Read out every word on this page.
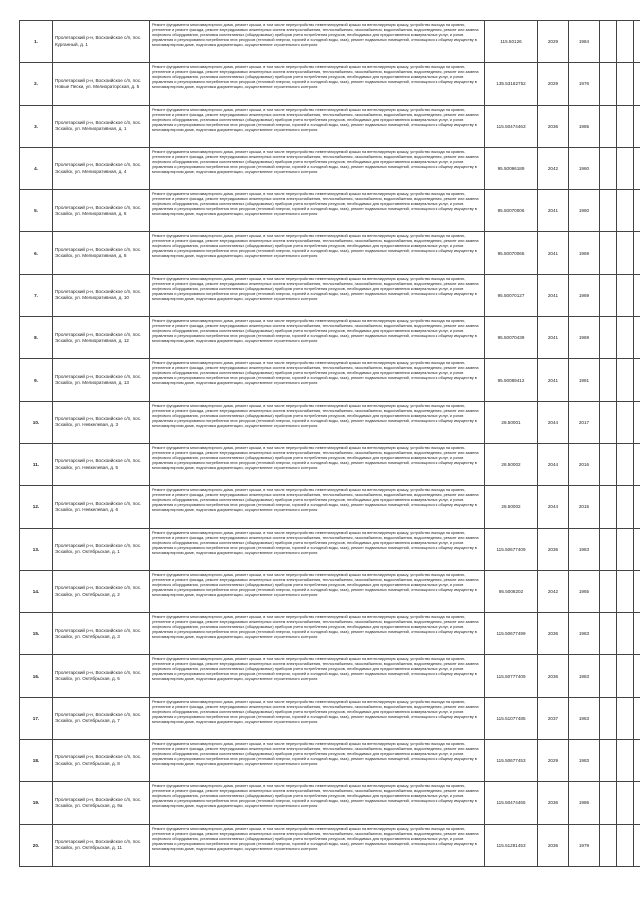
1.	Пролетарский р-н, Восхоийское с/п, пос. Курганный, д. 1	Ремонт фундамента многоквартирного дома, ремонт крыши, в том числе переустройство невентилируемой крыши на вентилируемую крышу, устройство выхода на кровлю, утепление и ремонт фасада, ремонт внутридомовых инженерных систем электроснабжения, теплоснабжения, газоснабжения, водоснабжения, водоотведения, ремонт или замена лифтового оборудования, установка коллективных (общедомовых) приборов учета потребления ресурсов, необходимых для предоставления коммунальных услуг, и узлов управления и регулирования потребления этих ресурсов (тепловой энергии, горячей и холодной воды, газа), ремонт подвальных помещений, относящихся к общему имуществу в многоквартирном доме, подготовка документации, осуществление строительного контроля	115.50126	2029	1984			
2.	Пролетарский р-н, Восхоийское с/п, пос. Новые Пески, ул. Мелиораторская, д. 5	Ремонт фундамента многоквартирного дома, ремонт крыши, в том числе переустройство невентилируемой крыши на вентилируемую крышу, устройство выхода на кровлю, утепление и ремонт фасада, ремонт внутридомовых инженерных систем электроснабжения, теплоснабжения, газоснабжения, водоснабжения, водоотведения, ремонт или замена лифтового оборудования, установка коллективных (общедомовых) приборов учета потребления ресурсов, необходимых для предоставления коммунальных услуг, и узлов управления и регулирования потребления этих ресурсов (тепловой энергии, горячей и холодной воды, газа), ремонт подвальных помещений, относящихся к общему имуществу в многоквартирном доме, подготовка документации, осуществление строительного контроля	135.53162752	2029	1976			
3.	Пролетарский р-н, Восхоийское с/п, пос. Эсхайск, ул. Мелиоративная, д. 1	Ремонт фундамента многоквартирного дома, ремонт крыши, в том числе переустройство невентилируемой крыши на вентилируемую крышу, устройство выхода на кровлю, утепление и ремонт фасада, ремонт внутридомовых инженерных систем электроснабжения, теплоснабжения, газоснабжения, водоснабжения, водоотведения, ремонт или замена лифтового оборудования, установка коллективных (общедомовых) приборов учета потребления ресурсов, необходимых для предоставления коммунальных услуг, и узлов управления и регулирования потребления этих ресурсов (тепловой энергии, горячей и холодной воды, газа), ремонт подвальных помещений, относящихся к общему имуществу в многоквартирном доме, подготовка документации, осуществление строительного контроля	115.50474463	2036	1985			
4.	Пролетарский р-н, Восхоийское с/п, пос. Эсхайск, ул. Мелиоративная, д. 4	Ремонт фундамента многоквартирного дома, ремонт крыши, в том числе переустройство невентилируемой крыши на вентилируемую крышу, устройство выхода на кровлю, утепление и ремонт фасада, ремонт внутридомовых инженерных систем электроснабжения, теплоснабжения, газоснабжения, водоснабжения, водоотведения, ремонт или замена лифтового оборудования, установка коллективных (общедомовых) приборов учета потребления ресурсов, необходимых для предоставления коммунальных услуг, и узлов управления и регулирования потребления этих ресурсов (тепловой энергии, горячей и холодной воды, газа), ремонт подвальных помещений, относящихся к общему имуществу в многоквартирном доме, подготовка документации, осуществление строительного контроля	95.50096189	2042	1960			
5.	Пролетарский р-н, Восхоийское с/п, пос. Эсхайск, ул. Мелиоративная, д. 6	Ремонт фундамента многоквартирного дома, ремонт крыши, в том числе переустройство невентилируемой крыши на вентилируемую крышу, устройство выхода на кровлю, утепление и ремонт фасада, ремонт внутридомовых инженерных систем электроснабжения, теплоснабжения, газоснабжения, водоснабжения, водоотведения, ремонт или замена лифтового оборудования, установка коллективных (общедомовых) приборов учета потребления ресурсов, необходимых для предоставления коммунальных услуг, и узлов управления и регулирования потребления этих ресурсов (тепловой энергии, горячей и холодной воды, газа), ремонт подвальных помещений, относящихся к общему имуществу в многоквартирном доме, подготовка документации, осуществление строительного контроля	95.50070006	2041	1960			
6.	Пролетарский р-н, Восхоийское с/п, пос. Эсхайск, ул. Мелиоративная, д. 8	Ремонт фундамента многоквартирного дома, ремонт крыши, в том числе переустройство невентилируемой крыши на вентилируемую крышу, устройство выхода на кровлю, утепление и ремонт фасада, ремонт внутридомовых инженерных систем электроснабжения, теплоснабжения, газоснабжения, водоснабжения, водоотведения, ремонт или замена лифтового оборудования, установка коллективных (общедомовых) приборов учета потребления ресурсов, необходимых для предоставления коммунальных услуг, и узлов управления и регулирования потребления этих ресурсов (тепловой энергии, горячей и холодной воды, газа), ремонт подвальных помещений, относящихся к общему имуществу в многоквартирном доме, подготовка документации, осуществление строительного контроля	95.50070065	2041	1969			
7.	Пролетарский р-н, Восхоийское с/п, пос. Эсхайск, ул. Мелиоративная, д. 10	Ремонт фундамента многоквартирного дома, ремонт крыши, в том числе переустройство невентилируемой крыши на вентилируемую крышу, устройство выхода на кровлю, утепление и ремонт фасада, ремонт внутридомовых инженерных систем электроснабжения, теплоснабжения, газоснабжения, водоснабжения, водоотведения, ремонт или замена лифтового оборудования, установка коллективных (общедомовых) приборов учета потребления ресурсов, необходимых для предоставления коммунальных услуг, и узлов управления и регулирования потребления этих ресурсов (тепловой энергии, горячей и холодной воды, газа), ремонт подвальных помещений, относящихся к общему имуществу в многоквартирном доме, подготовка документации, осуществление строительного контроля	95.50070127	2041	1969			
8.	Пролетарский р-н, Восхоийское с/п, пос. Эсхайск, ул. Мелиоративная, д. 12	Ремонт фундамента многоквартирного дома, ремонт крыши, в том числе переустройство невентилируемой крыши на вентилируемую крышу, устройство выхода на кровлю, утепление и ремонт фасада, ремонт внутридомовых инженерных систем электроснабжения, теплоснабжения, газоснабжения, водоснабжения, водоотведения, ремонт или замена лифтового оборудования, установка коллективных (общедомовых) приборов учета потребления ресурсов, необходимых для предоставления коммунальных услуг, и узлов управления и регулирования потребления этих ресурсов (тепловой энергии, горячей и холодной воды, газа), ремонт подвальных помещений, относящихся к общему имуществу в многоквартирном доме, подготовка документации, осуществление строительного контроля	95.50070439	2041	1969			
9.	Пролетарский р-н, Восхоийское с/п, пос. Эсхайск, ул. Мелиоративная, д. 13	Ремонт фундамента многоквартирного дома, ремонт крыши, в том числе переустройство невентилируемой крыши на вентилируемую крышу, устройство выхода на кровлю, утепление и ремонт фасада, ремонт внутридомовых инженерных систем электроснабжения, теплоснабжения, газоснабжения, водоснабжения, водоотведения, ремонт или замена лифтового оборудования, установка коллективных (общедомовых) приборов учета потребления ресурсов, необходимых для предоставления коммунальных услуг, и узлов управления и регулирования потребления этих ресурсов (тепловой энергии, горячей и холодной воды, газа), ремонт подвальных помещений, относящихся к общему имуществу в многоквартирном доме, подготовка документации, осуществление строительного контроля	95.50089412	2041	1981			
10.	Пролетарский р-н, Восхоийское с/п, пос. Эсхайск, ул. Невкелевая, д. 3	Ремонт фундамента многоквартирного дома, ремонт крыши, в том числе переустройство невентилируемой крыши на вентилируемую крышу, устройство выхода на кровлю, утепление и ремонт фасада, ремонт внутридомовых инженерных систем электроснабжения, теплоснабжения, газоснабжения, водоснабжения, водоотведения, ремонт или замена лифтового оборудования, установка коллективных (общедомовых) приборов учета потребления ресурсов, необходимых для предоставления коммунальных услуг, и узлов управления и регулирования потребления этих ресурсов (тепловой энергии, горячей и холодной воды, газа), ремонт подвальных помещений, относящихся к общему имуществу в многоквартирном доме, подготовка документации, осуществление строительного контроля	28.50001	2044	2017			
11.	Пролетарский р-н, Восхоийское с/п, пос. Эсхайск, ул. Невкелевая, д. 5	Ремонт фундамента многоквартирного дома, ремонт крыши, в том числе переустройство невентилируемой крыши на вентилируемую крышу, устройство выхода на кровлю, утепление и ремонт фасада, ремонт внутридомовых инженерных систем электроснабжения, теплоснабжения, газоснабжения, водоснабжения, водоотведения, ремонт или замена лифтового оборудования, установка коллективных (общедомовых) приборов учета потребления ресурсов, необходимых для предоставления коммунальных услуг, и узлов управления и регулирования потребления этих ресурсов (тепловой энергии, горячей и холодной воды, газа), ремонт подвальных помещений, относящихся к общему имуществу в многоквартирном доме, подготовка документации, осуществление строительного контроля	28.50002	2044	2016			
12.	Пролетарский р-н, Восхоийское с/п, пос. Эсхайск, ул. Невкелевая, д. 6	Ремонт фундамента многоквартирного дома, ремонт крыши, в том числе переустройство невентилируемой крыши на вентилируемую крышу, устройство выхода на кровлю, утепление и ремонт фасада, ремонт внутридомовых инженерных систем электроснабжения, теплоснабжения, газоснабжения, водоснабжения, водоотведения, ремонт или замена лифтового оборудования, установка коллективных (общедомовых) приборов учета потребления ресурсов, необходимых для предоставления коммунальных услуг, и узлов управления и регулирования потребления этих ресурсов (тепловой энергии, горячей и холодной воды, газа), ремонт подвальных помещений, относящихся к общему имуществу в многоквартирном доме, подготовка документации, осуществление строительного контроля	28.50002	2044	2015			
13.	Пролетарский р-н, Восхоийское с/п, пос. Эсхайск, ул. Октябрьская, д. 1	Ремонт фундамента многоквартирного дома, ремонт крыши, в том числе переустройство невентилируемой крыши на вентилируемую крышу, устройство выхода на кровлю, утепление и ремонт фасада, ремонт внутридомовых инженерных систем электроснабжения, теплоснабжения, газоснабжения, водоснабжения, водоотведения, ремонт или замена лифтового оборудования, установка коллективных (общедомовых) приборов учета потребления ресурсов, необходимых для предоставления коммунальных услуг, и узлов управления и регулирования потребления этих ресурсов (тепловой энергии, горячей и холодной воды, газа), ремонт подвальных помещений, относящихся к общему имуществу в многоквартирном доме, подготовка документации, осуществление строительного контроля	115.50677409	2036	1983			
14.	Пролетарский р-н, Восхоийское с/п, пос. Эсхайск, ул. Октябрьская, д. 2	Ремонт фундамента многоквартирного дома, ремонт крыши, в том числе переустройство невентилируемой крыши на вентилируемую крышу, устройство выхода на кровлю, утепление и ремонт фасада, ремонт внутридомовых инженерных систем электроснабжения, теплоснабжения, газоснабжения, водоснабжения, водоотведения, ремонт или замена лифтового оборудования, установка коллективных (общедомовых) приборов учета потребления ресурсов, необходимых для предоставления коммунальных услуг, и узлов управления и регулирования потребления этих ресурсов (тепловой энергии, горячей и холодной воды, газа), ремонт подвальных помещений, относящихся к общему имуществу в многоквартирном доме, подготовка документации, осуществление строительного контроля	95.5008202	2042	1965			
15.	Пролетарский р-н, Восхоийское с/п, пос. Эсхайск, ул. Октябрьская, д. 3	Ремонт фундамента многоквартирного дома, ремонт крыши, в том числе переустройство невентилируемой крыши на вентилируемую крышу, устройство выхода на кровлю, утепление и ремонт фасада, ремонт внутридомовых инженерных систем электроснабжения, теплоснабжения, газоснабжения, водоснабжения, водоотведения, ремонт или замена лифтового оборудования, установка коллективных (общедомовых) приборов учета потребления ресурсов, необходимых для предоставления коммунальных услуг, и узлов управления и регулирования потребления этих ресурсов (тепловой энергии, горячей и холодной воды, газа), ремонт подвальных помещений, относящихся к общему имуществу в многоквартирном доме, подготовка документации, осуществление строительного контроля	115.50677499	2036	1983			
16.	Пролетарский р-н, Восхоийское с/п, пос. Эсхайск, ул. Октябрьская, д. 5	Ремонт фундамента многоквартирного дома, ремонт крыши, в том числе переустройство невентилируемой крыши на вентилируемую крышу, устройство выхода на кровлю, утепление и ремонт фасада, ремонт внутридомовых инженерных систем электроснабжения, теплоснабжения, газоснабжения, водоснабжения, водоотведения, ремонт или замена лифтового оборудования, установка коллективных (общедомовых) приборов учета потребления ресурсов, необходимых для предоставления коммунальных услуг, и узлов управления и регулирования потребления этих ресурсов (тепловой энергии, горячей и холодной воды, газа), ремонт подвальных помещений, относящихся к общему имуществу в многоквартирном доме, подготовка документации, осуществление строительного контроля	115.50777409	2036	1983			
17.	Пролетарский р-н, Восхоийское с/п, пос. Эсхайск, ул. Октябрьская, д. 7	Ремонт фундамента многоквартирного дома, ремонт крыши, в том числе переустройство невентилируемой крыши на вентилируемую крышу, устройство выхода на кровлю, утепление и ремонт фасада, ремонт внутридомовых инженерных систем электроснабжения, теплоснабжения, газоснабжения, водоснабжения, водоотведения, ремонт или замена лифтового оборудования, установка коллективных (общедомовых) приборов учета потребления ресурсов, необходимых для предоставления коммунальных услуг, и узлов управления и регулирования потребления этих ресурсов (тепловой энергии, горячей и холодной воды, газа), ремонт подвальных помещений, относящихся к общему имуществу в многоквартирном доме, подготовка документации, осуществление строительного контроля	115.51077485	2037	1983			
18.	Пролетарский р-н, Восхоийское с/п, пос. Эсхайск, ул. Октябрьская, д. 8	Ремонт фундамента многоквартирного дома, ремонт крыши, в том числе переустройство невентилируемой крыши на вентилируемую крышу, устройство выхода на кровлю, утепление и ремонт фасада, ремонт внутридомовых инженерных систем электроснабжения, теплоснабжения, газоснабжения, водоснабжения, водоотведения, ремонт или замена лифтового оборудования, установка коллективных (общедомовых) приборов учета потребления ресурсов, необходимых для предоставления коммунальных услуг, и узлов управления и регулирования потребления этих ресурсов (тепловой энергии, горячей и холодной воды, газа), ремонт подвальных помещений, относящихся к общему имуществу в многоквартирном доме, подготовка документации, осуществление строительного контроля	115.50677453	2029	1983			
19.	Пролетарский р-н, Восхоийское с/п, пос. Эсхайск, ул. Октябрьская, д. 9а	Ремонт фундамента многоквартирного дома, ремонт крыши, в том числе переустройство невентилируемой крыши на вентилируемую крышу, устройство выхода на кровлю, утепление и ремонт фасада, ремонт внутридомовых инженерных систем электроснабжения, теплоснабжения, газоснабжения, водоснабжения, водоотведения, ремонт или замена лифтового оборудования, установка коллективных (общедомовых) приборов учета потребления ресурсов, необходимых для предоставления коммунальных услуг, и узлов управления и регулирования потребления этих ресурсов (тепловой энергии, горячей и холодной воды, газа), ремонт подвальных помещений, относящихся к общему имуществу в многоквартирном доме, подготовка документации, осуществление строительного контроля	115.50474465	2036	1986			
20.	Пролетарский р-н, Восхоийское с/п, пос. Эсхайск, ул. Октябрьская, д. 11	Ремонт фундамента многоквартирного дома, ремонт крыши, в том числе переустройство невентилируемой крыши на вентилируемую крышу, устройство выхода на кровлю, утепление и ремонт фасада, ремонт внутридомовых инженерных систем электроснабжения, теплоснабжения, газоснабжения, водоснабжения, водоотведения, ремонт или замена лифтового оборудования, установка коллективных (общедомовых) приборов учета потребления ресурсов, необходимых для предоставления коммунальных услуг, и узлов управления и регулирования потребления этих ресурсов (тепловой энергии, горячей и холодной воды, газа), ремонт подвальных помещений, относящихся к общему имуществу в многоквартирном доме, подготовка документации, осуществление строительного контроля	115.51281453	2036	1979			
